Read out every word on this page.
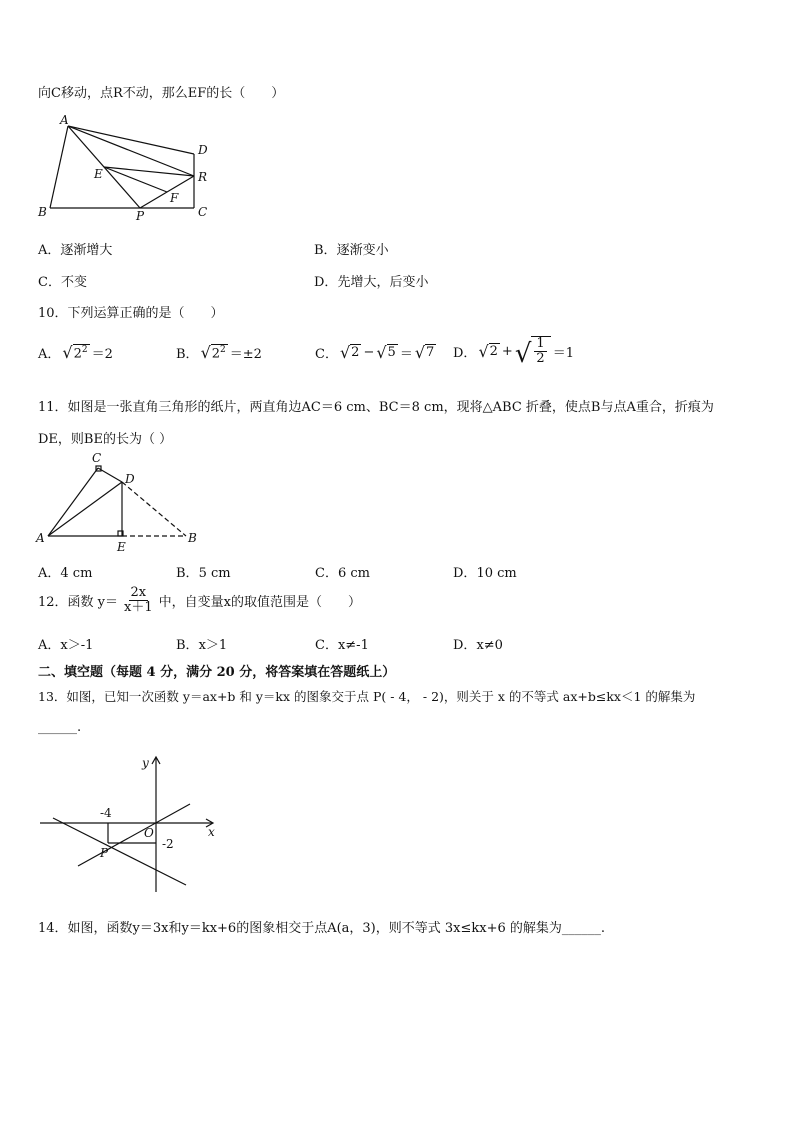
向C移动，点R不动，那么EF的长（　　）
A
D
E	R
F
B	P	C
A．逐渐增大	B．逐渐变小
C．不变	D．先增大，后变小
10．下列运算正确的是（　　）
A． √ $2^2 =2$	B． √ $2^2 =\pm 2$	C． √ 2 − √ 5 ＝ √ 7 D． √ 2 + √ $\frac{1}{2} =1$
11．如图是一张直角三角形的纸片，两直角边AC＝6 cm、BC＝8 cm，现将△ABC 折叠，使点B与点A重合，折痕为
DE，则BE的长为（ ）
C
D
A
E
B
A．4 cm	B．5 cm	C．6 cm	D．10 cm
12．函数 $y= \frac{2x}{x+1}$ 中，自变量x的取值范围是（　　）
A．x＞-1	B．x＞1	C．x≠-1	D．x≠0
二、填空题（每题 4 分，满分 20 分，将答案填在答题纸上）
13．如图，已知一次函数 y＝ax+b 和 y＝kx 的图象交于点 P( - 4， - 2)，则关于 x 的不等式 ax+b≤kx＜1 的解集为
______.
y
x
-4
O
-2
P
14．如图，函数y＝3x和y＝kx+6的图象相交于点A(a，3)，则不等式 3x≤kx+6 的解集为______.
